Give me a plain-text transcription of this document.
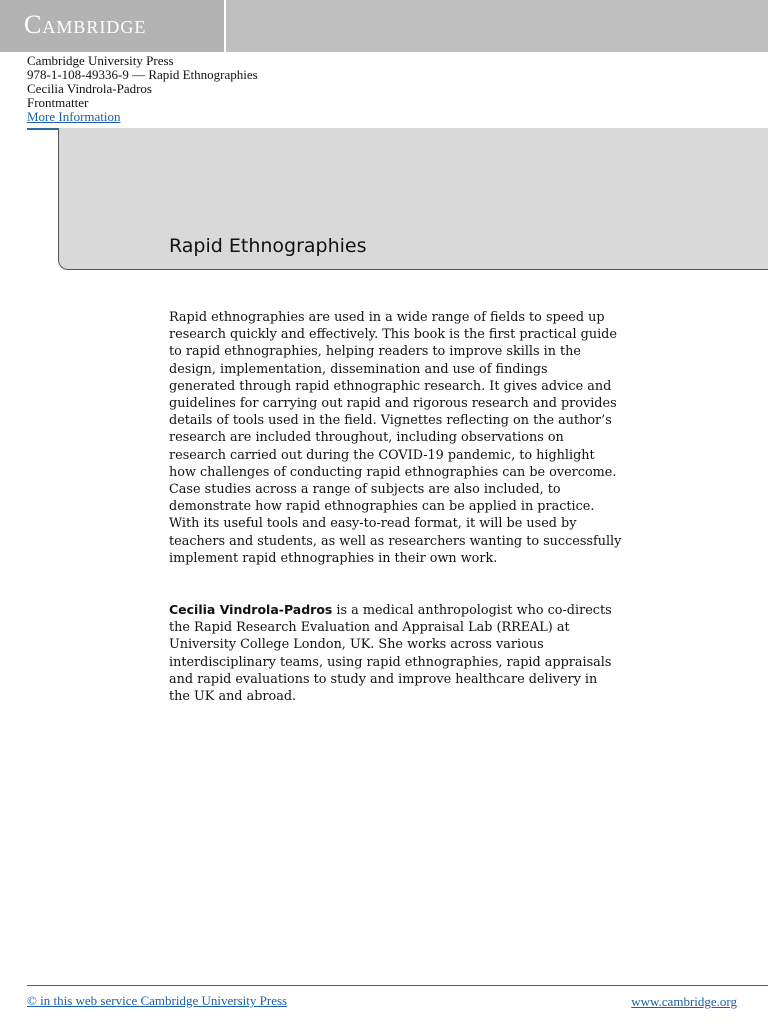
Cambridge
Cambridge University Press
978-1-108-49336-9 — Rapid Ethnographies
Cecilia Vindrola-Padros
Frontmatter
More Information
Rapid Ethnographies
Rapid ethnographies are used in a wide range of fields to speed up
research quickly and effectively. This book is the first practical guide
to rapid ethnographies, helping readers to improve skills in the
design, implementation, dissemination and use of findings
generated through rapid ethnographic research. It gives advice and
guidelines for carrying out rapid and rigorous research and provides
details of tools used in the field. Vignettes reflecting on the author’s
research are included throughout, including observations on
research carried out during the COVID-19 pandemic, to highlight
how challenges of conducting rapid ethnographies can be overcome.
Case studies across a range of subjects are also included, to
demonstrate how rapid ethnographies can be applied in practice.
With its useful tools and easy-to-read format, it will be used by
teachers and students, as well as researchers wanting to successfully
implement rapid ethnographies in their own work.
Cecilia Vindrola-Padros is a medical anthropologist who co-directs
the Rapid Research Evaluation and Appraisal Lab (RREAL) at
University College London, UK. She works across various
interdisciplinary teams, using rapid ethnographies, rapid appraisals
and rapid evaluations to study and improve healthcare delivery in
the UK and abroad.
© in this web service Cambridge University Press	www.cambridge.org
